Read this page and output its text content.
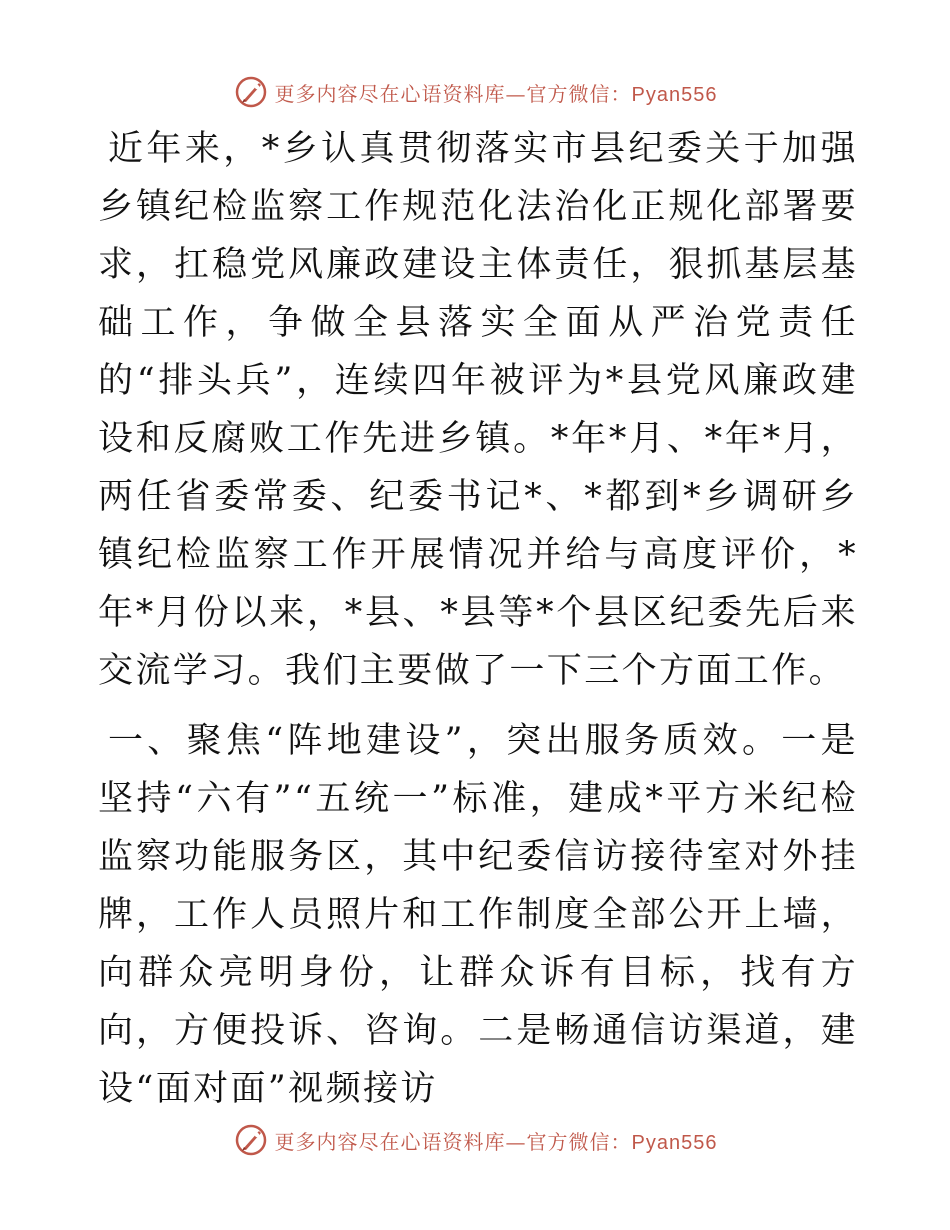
更多内容尽在心语资料库—官方微信：Pyan556

近年来，*乡认真贯彻落实市县纪委关于加强乡镇纪检监察工作规范化法治化正规化部署要求，扛稳党风廉政建设主体责任，狠抓基层基础工作，争做全县落实全面从严治党责任的“排头兵”，连续四年被评为*县党风廉政建设和反腐败工作先进乡镇。*年*月、*年*月，两任省委常委、纪委书记*、*都到*乡调研乡镇纪检监察工作开展情况并给与高度评价，*年*月份以来，*县、*县等*个县区纪委先后来交流学习。我们主要做了一下三个方面工作。

一、聚焦“阵地建设”，突出服务质效。一是坚持“六有”“五统一”标准，建成*平方米纪检监察功能服务区，其中纪委信访接待室对外挂牌，工作人员照片和工作制度全部公开上墙，向群众亮明身份，让群众诉有目标，找有方向，方便投诉、咨询。二是畅通信访渠道，建设“面对面”视频接访

更多内容尽在心语资料库—官方微信：Pyan556
